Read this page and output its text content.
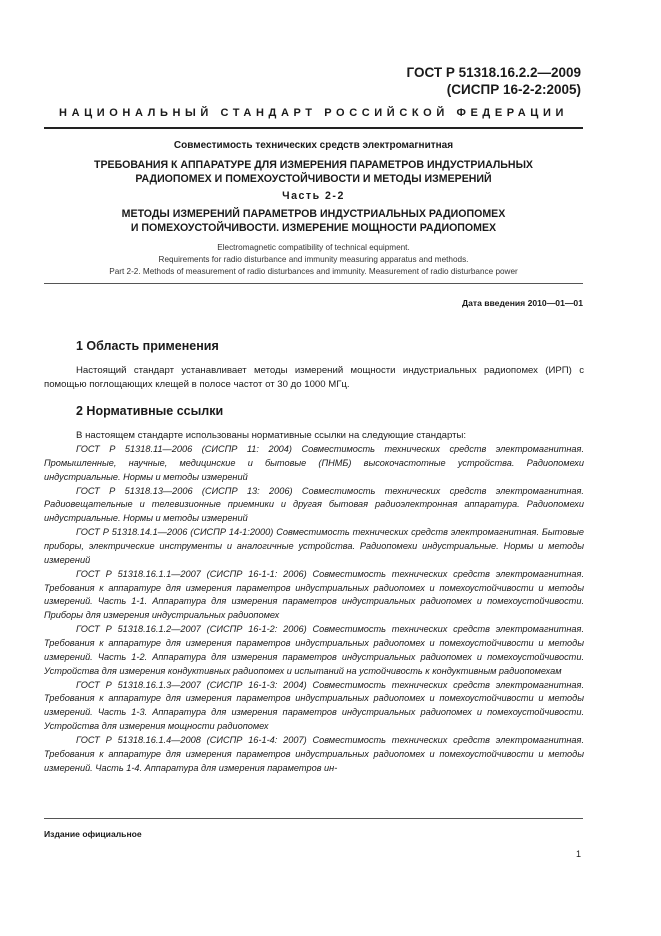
ГОСТ Р 51318.16.2.2—2009
(СИСПР 16-2-2:2005)
НАЦИОНАЛЬНЫЙ СТАНДАРТ РОССИЙСКОЙ ФЕДЕРАЦИИ
Совместимость технических средств электромагнитная
ТРЕБОВАНИЯ К АППАРАТУРЕ ДЛЯ ИЗМЕРЕНИЯ ПАРАМЕТРОВ ИНДУСТРИАЛЬНЫХ
РАДИОПОМЕХ И ПОМЕХОУСТОЙЧИВОСТИ И МЕТОДЫ ИЗМЕРЕНИЙ
Часть 2-2
МЕТОДЫ ИЗМЕРЕНИЙ ПАРАМЕТРОВ ИНДУСТРИАЛЬНЫХ РАДИОПОМЕХ
И ПОМЕХОУСТОЙЧИВОСТИ. ИЗМЕРЕНИЕ МОЩНОСТИ РАДИОПОМЕХ
Electromagnetic compatibility of technical equipment.
Requirements for radio disturbance and immunity measuring apparatus and methods.
Part 2-2. Methods of measurement of radio disturbances and immunity. Measurement of radio disturbance power
Дата введения 2010—01—01
1 Область применения

Настоящий стандарт устанавливает методы измерений мощности индустриальных радиопомех (ИРП) с помощью поглощающих клещей в полосе частот от 30 до 1000 МГц.

2 Нормативные ссылки

В настоящем стандарте использованы нормативные ссылки на следующие стандарты:

ГОСТ Р 51318.11—2006 (СИСПР 11: 2004) Совместимость технических средств электромагнитная. Промышленные, научные, медицинские и бытовые (ПНМБ) высокочастотные устройства. Радиопомехи индустриальные. Нормы и методы измерений

ГОСТ Р 51318.13—2006 (СИСПР 13: 2006) Совместимость технических средств электромагнитная. Радиовещательные и телевизионные приемники и другая бытовая радиоэлектронная аппаратура. Радиопомехи индустриальные. Нормы и методы измерений

ГОСТ Р 51318.14.1—2006 (СИСПР 14-1:2000) Совместимость технических средств электромагнитная. Бытовые приборы, электрические инструменты и аналогичные устройства. Радиопомехи индустриальные. Нормы и методы измерений

ГОСТ Р 51318.16.1.1—2007 (СИСПР 16-1-1: 2006) Совместимость технических средств электромагнитная. Требования к аппаратуре для измерения параметров индустриальных радиопомех и помехоустойчивости и методы измерений. Часть 1-1. Аппаратура для измерения параметров индустриальных радиопомех и помехоустойчивости. Приборы для измерения индустриальных радиопомех

ГОСТ Р 51318.16.1.2—2007 (СИСПР 16-1-2: 2006) Совместимость технических средств электромагнитная. Требования к аппаратуре для измерения параметров индустриальных радиопомех и помехоустойчивости и методы измерений. Часть 1-2. Аппаратура для измерения параметров индустриальных радиопомех и помехоустойчивости. Устройства для измерения кондуктивных радиопомех и испытаний на устойчивость к кондуктивным радиопомехам

ГОСТ Р 51318.16.1.3—2007 (СИСПР 16-1-3: 2004) Совместимость технических средств электромагнитная. Требования к аппаратуре для измерения параметров индустриальных радиопомех и помехоустойчивости и методы измерений. Часть 1-3. Аппаратура для измерения параметров индустриальных радиопомех и помехоустойчивости. Устройства для измерения мощности радиопомех

ГОСТ Р 51318.16.1.4—2008 (СИСПР 16-1-4: 2007) Совместимость технических средств электромагнитная. Требования к аппаратуре для измерения параметров индустриальных радиопомех и помехоустойчивости и методы измерений. Часть 1-4. Аппаратура для измерения параметров ин-

Издание официальное
1
